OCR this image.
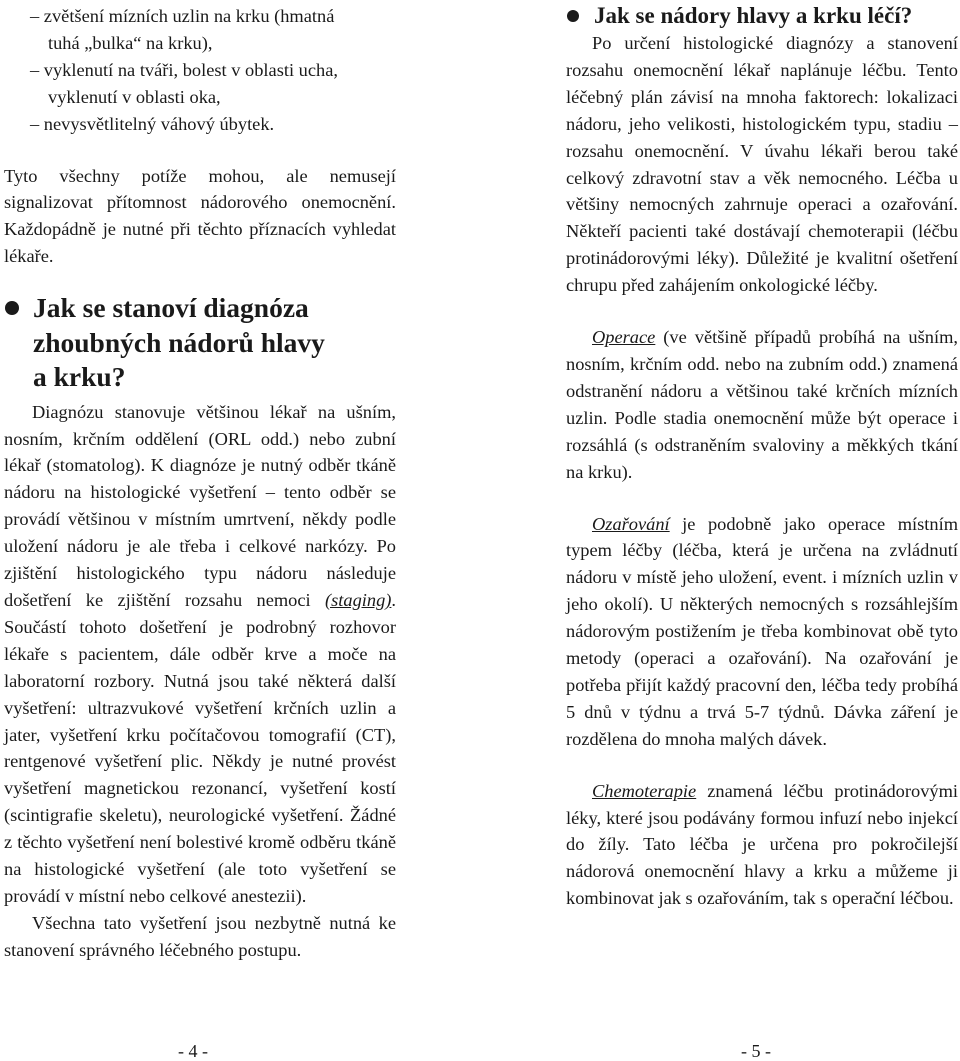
– zvětšení mízních uzlin na krku (hmatná

tuhá „bulka“ na krku),

– vyklenutí na tváři, bolest v oblasti ucha,

vyklenutí v oblasti oka,

– nevysvětlitelný váhový úbytek.

Tyto všechny potíže mohou, ale nemusejí signalizovat přítomnost nádorového onemocnění. Každopádně je nutné při těchto příznacích vyhledat lékaře.

Jak se stanoví diagnóza
zhoubných nádorů hlavy
a krku?

Diagnózu stanovuje většinou lékař na ušním, nosním, krčním oddělení (ORL odd.) nebo zubní lékař (stomatolog). K diagnóze je nutný odběr tkáně nádoru na histologické vyšetření – tento odběr se provádí většinou v místním umrtvení, někdy podle uložení nádoru je ale třeba i celkové narkózy. Po zjištění histologického typu nádoru následuje došetření ke zjištění rozsahu nemoci (staging). Součástí tohoto došetření je podrobný rozhovor lékaře s pacientem, dále odběr krve a moče na laboratorní rozbory. Nutná jsou také některá další vyšetření: ultrazvukové vyšetření krčních uzlin a jater, vyšetření krku počítačovou tomografií (CT), rentgenové vyšetření plic. Někdy je nutné provést vyšetření magnetickou rezonancí, vyšetření kostí (scintigrafie skeletu), neurologické vyšetření. Žádné z těchto vyšetření není bolestivé kromě odběru tkáně na histologické vyšetření (ale toto vyšetření se provádí v místní nebo celkové anestezii).

Všechna tato vyšetření jsou nezbytně nutná ke stanovení správného léčebného postupu.

Jak se nádory hlavy a krku léčí?

Po určení histologické diagnózy a stanovení rozsahu onemocnění lékař naplánuje léčbu. Tento léčebný plán závisí na mnoha faktorech: lokalizaci nádoru, jeho velikosti, histologickém typu, stadiu – rozsahu onemocnění. V úvahu lékaři berou také celkový zdravotní stav a věk nemocného. Léčba u většiny nemocných zahrnuje operaci a ozařování. Někteří pacienti také dostávají chemoterapii (léčbu protinádorovými léky). Důležité je kvalitní ošetření chrupu před zahájením onkologické léčby.

Operace (ve většině případů probíhá na ušním, nosním, krčním odd. nebo na zubním odd.) znamená odstranění nádoru a většinou také krčních mízních uzlin. Podle stadia onemocnění může být operace i rozsáhlá (s odstraněním svaloviny a měkkých tkání na krku).

Ozařování je podobně jako operace místním typem léčby (léčba, která je určena na zvládnutí nádoru v místě jeho uložení, event. i mízních uzlin v jeho okolí). U některých nemocných s rozsáhlejším nádorovým postižením je třeba kombinovat obě tyto metody (operaci a ozařování). Na ozařování je potřeba přijít každý pracovní den, léčba tedy probíhá 5 dnů v týdnu a trvá 5-7 týdnů. Dávka záření je rozdělena do mnoha malých dávek.

Chemoterapie znamená léčbu protinádorovými léky, které jsou podávány formou infuzí nebo injekcí do žíly. Tato léčba je určena pro pokročilejší nádorová onemocnění hlavy a krku a můžeme ji kombinovat jak s ozařováním, tak s operační léčbou.

- 4 -	- 5 -
